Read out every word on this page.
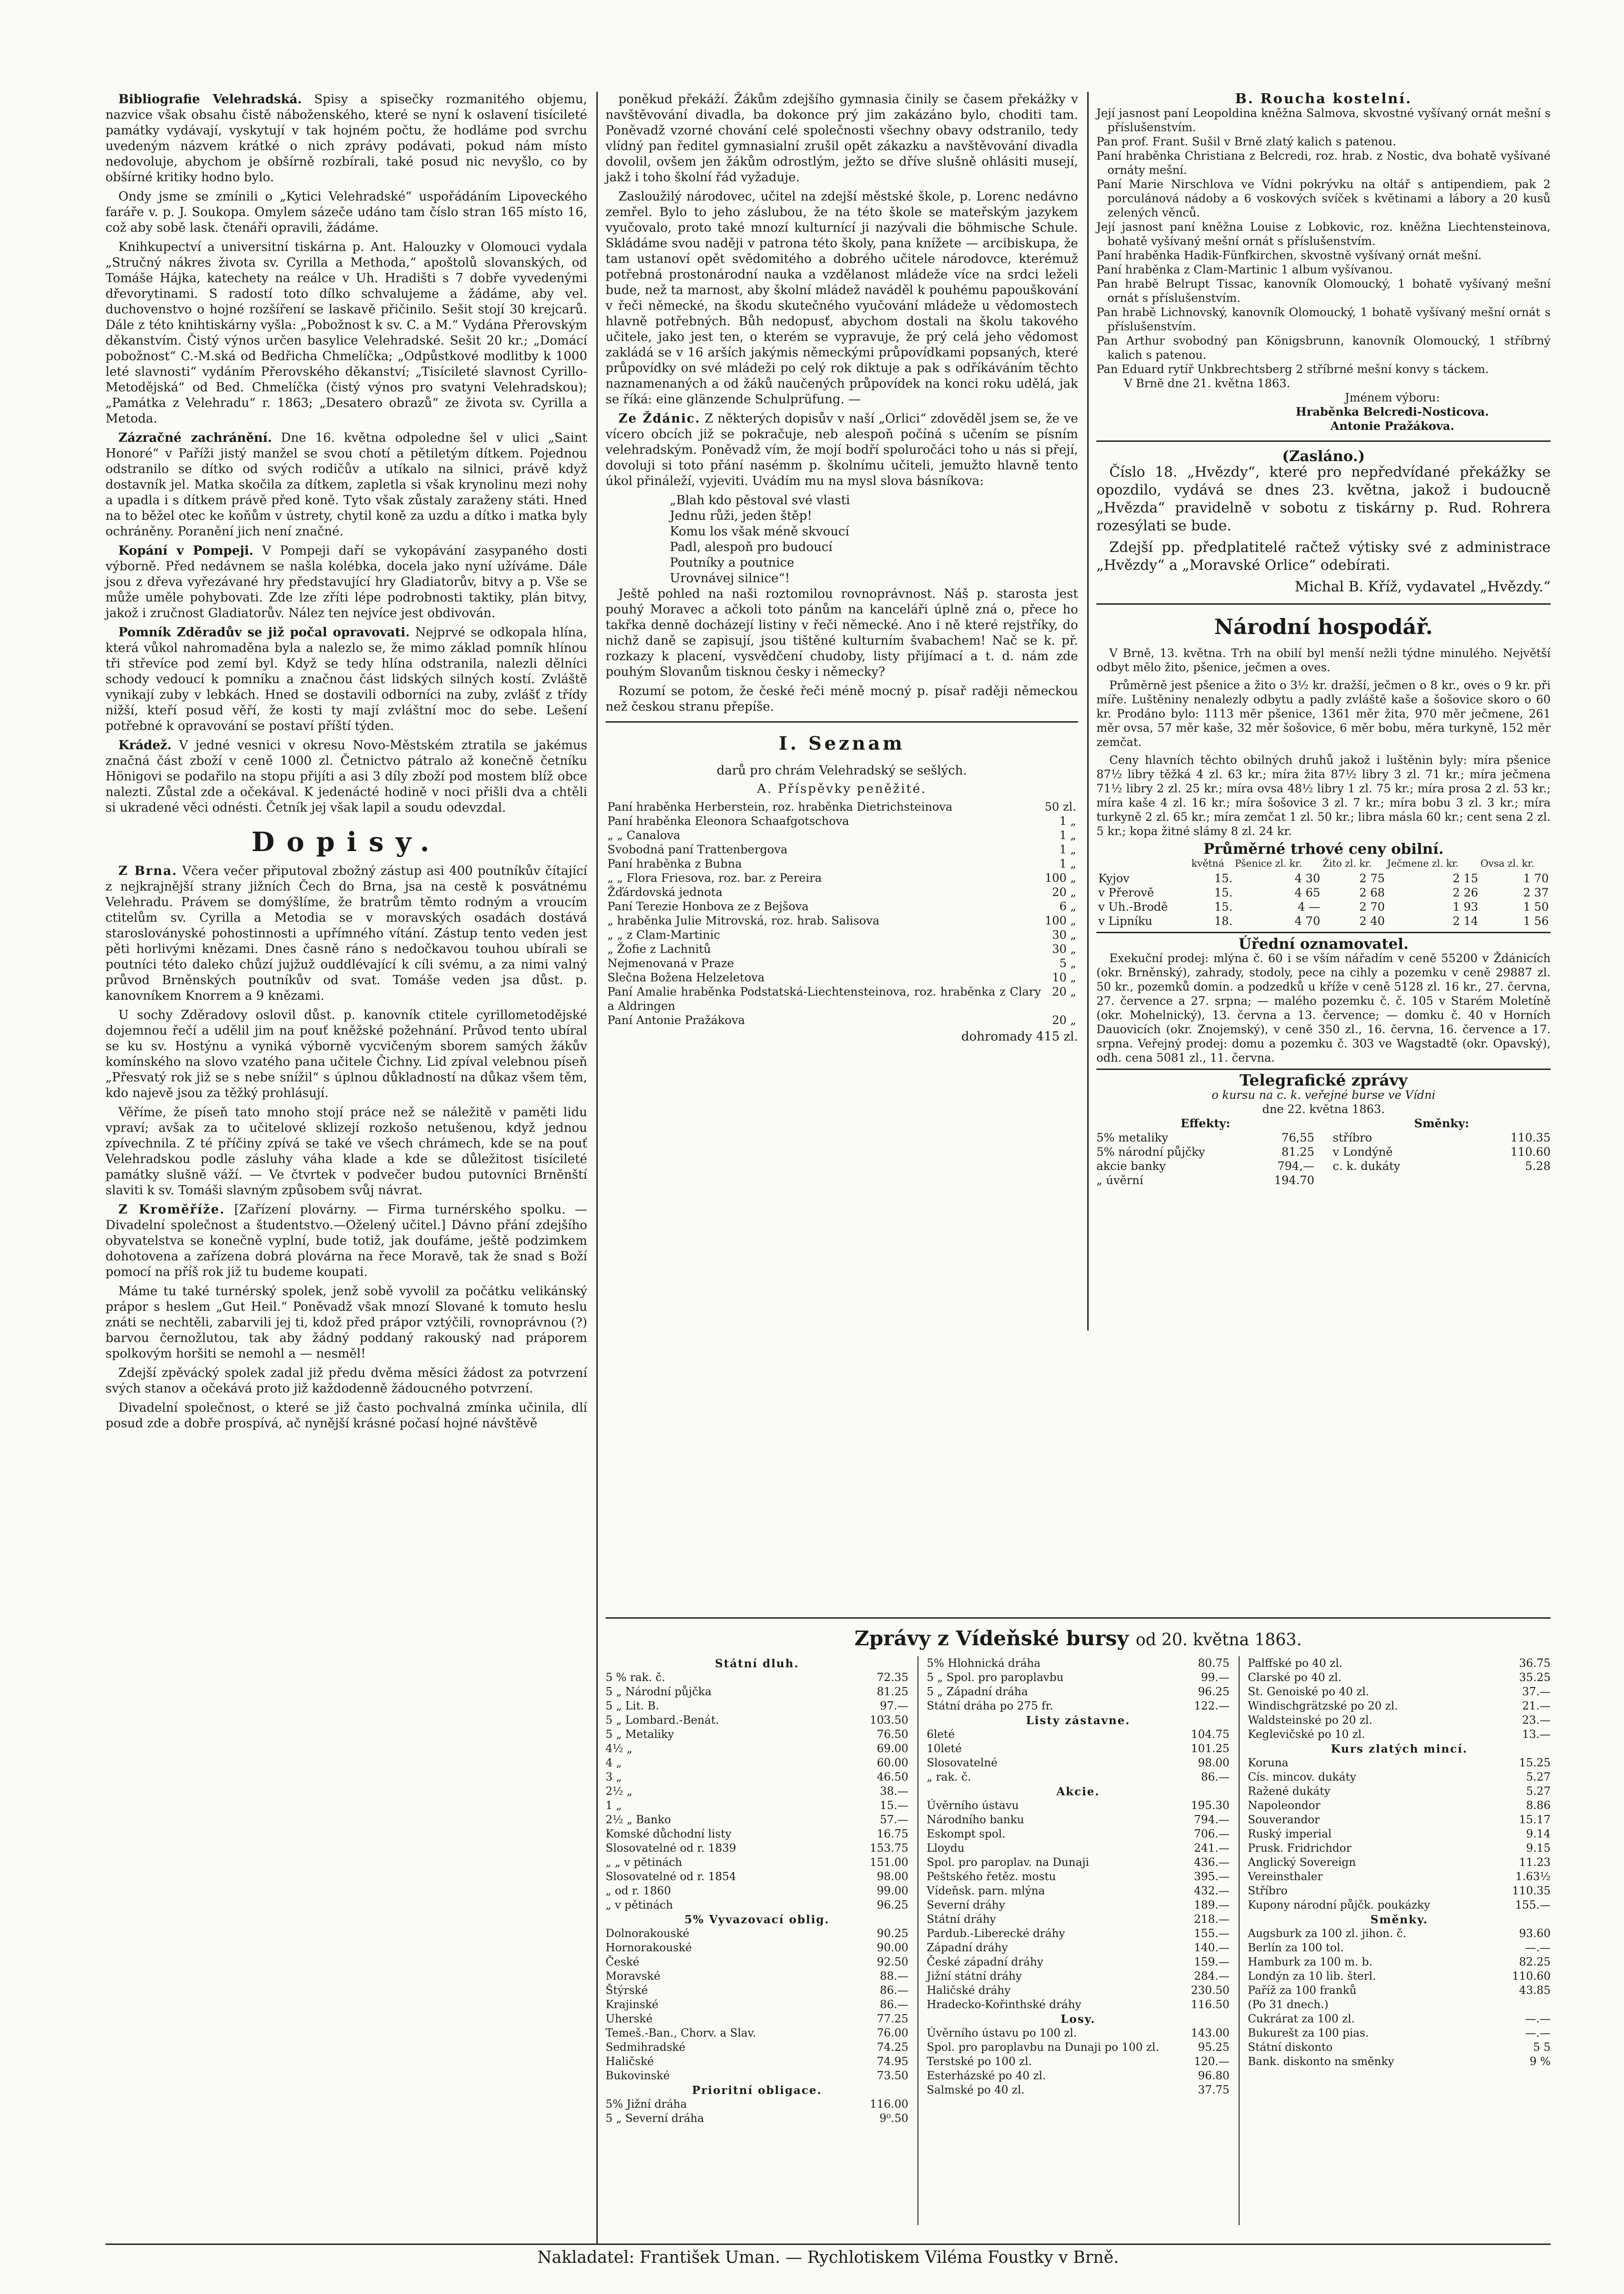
Bibliografie Velehradská. Spisy a spisečky rozmanitého objemu, nazvice však obsahu čistě náboženského, které se nyní k oslavení tisícileté památky vydávají, vyskytují v tak hojném počtu, že hodláme pod svrchu uvedeným názvem krátké o nich zprávy podávati, pokud nám místo nedovoluje, abychom je obšírně rozbírali, také posud nic nevyšlo, co by obšírné kritiky hodno bylo.

Ondy jsme se zmínili o „Kytici Velehradské“ uspořádáním Lipoveckého faráře v. p. J. Soukopa. Omylem sázeče udáno tam číslo stran 165 místo 16, což aby sobě lask. čtenáři opravili, žádáme.

Knihkupectví a universitní tiskárna p. Ant. Halouzky v Olomouci vydala „Stručný nákres života sv. Cyrilla a Methoda,“ apoštolů slovanských, od Tomáše Hájka, katechety na reálce v Uh. Hradišti s 7 dobře vyvedenými dřevorytinami. S radostí toto dílko schvalujeme a žádáme, aby vel. duchovenstvo o hojné rozšíření se laskavě přičinilo. Sešit stojí 30 krejcarů. Dále z této knihtiskárny vyšla: „Pobožnost k sv. C. a M.“ Vydána Přerovským děkanstvím. Čistý výnos určen basylice Velehradské. Sešit 20 kr.; „Domácí pobožnost“ C.-M.ská od Bedřicha Chmelíčka; „Odpůstkové modlitby k 1000 leté slavnosti“ vydáním Přerovského děkanství; „Tisícileté slavnost Cyrillo-Metodějská“ od Bed. Chmelíčka (čistý výnos pro svatyni Velehradskou); „Památka z Velehradu“ r. 1863; „Desatero obrazů“ ze života sv. Cyrilla a Metoda.

Zázračné zachránění. Dne 16. května odpoledne šel v ulici „Saint Honoré“ v Paříži jistý manžel se svou chotí a pětiletým dítkem. Pojednou odstranilo se dítko od svých rodičův a utíkalo na silnici, právě když dostavník jel. Matka skočila za dítkem, zapletla si však krynolinu mezi nohy a upadla i s dítkem právě před koně. Tyto však zůstaly zaraženy státi. Hned na to běžel otec ke koňům v ústrety, chytil koně za uzdu a dítko i matka byly ochráněny. Poranění jich není značné.

Kopání v Pompeji. V Pompeji daří se vykopávání zasypaného dosti výborně. Před nedávnem se našla kolébka, docela jako nyní užíváme. Dále jsou z dřeva vyřezávané hry představující hry Gladiatorův, bitvy a p. Vše se může uměle pohybovati. Zde lze zříti lépe podrobnosti taktiky, plán bitvy, jakož i zručnost Gladiatorův. Nález ten nejvíce jest obdivován.

Pomník Zděradův se již počal opravovati. Nejprvé se odkopala hlína, která vůkol nahromaděna byla a nalezlo se, že mimo základ pomník hlínou tři střevíce pod zemí byl. Když se tedy hlína odstranila, nalezli dělníci schody vedoucí k pomníku a značnou část lidských silných kostí. Zvláště vynikají zuby v lebkách. Hned se dostavili odborníci na zuby, zvlášť z třídy nižší, kteří posud věří, že kosti ty mají zvláštní moc do sebe. Lešení potřebné k opravování se postaví příští týden.

Krádež. V jedné vesnici v okresu Novo-Městském ztratila se jakémus značná část zboží v ceně 1000 zl. Četnictvo pátralo až konečně četníku Hönigovi se podařilo na stopu přijíti a asi 3 díly zboží pod mostem blíž obce nalezti. Zůstal zde a očekával. K jedenácté hodině v noci přišli dva a chtěli si ukradené věci odnésti. Četník jej však lapil a soudu odevzdal.

Dopisy.

Z Brna. Včera večer připutoval zbožný zástup asi 400 poutníkův čítající z nejkrajnější strany jižních Čech do Brna, jsa na cestě k posvátnému Velehradu. Právem se domýšlíme, že bratrům těmto rodným a vroucím ctitelům sv. Cyrilla a Metodia se v moravských osadách dostává starosloványské pohostinnosti a upřímného vítání. Zástup tento veden jest pěti horlivými knězami. Dnes časně ráno s nedočkavou touhou ubírali se poutníci této daleko chůzí jujžuž ouddlévající k cíli svému, a za nimi valný průvod Brněnských poutníkův od svat. Tomáše veden jsa důst. p. kanovníkem Knorrem a 9 knězami.

U sochy Zděradovy oslovil důst. p. kanovník ctitele cyrillometodějské dojemnou řečí a udělil jim na pouť kněžské požehnání. Průvod tento ubíral se ku sv. Hostýnu a vyniká výborně vycvičeným sborem samých žákův komínského na slovo vzatého pana učitele Čichny. Lid zpíval velebnou píseň „Přesvatý rok již se s nebe snížil“ s úplnou důkladností na důkaz všem těm, kdo najevě jsou za těžký prohlásují.

Věříme, že píseň tato mnoho stojí práce než se náležitě v paměti lidu vpraví; avšak za to učitelové sklizejí rozkošo netušenou, když jednou zpívechnila. Z té příčiny zpívá se také ve všech chrámech, kde se na pouť Velehradskou podle zásluhy váha klade a kde se důležitost tisícileté památky slušně váží. — Ve čtvrtek v podvečer budou putovníci Brněnští slaviti k sv. Tomáši slavným způsobem svůj návrat.

Z Kroměříže. [Zařízení plovárny. — Firma turnérského spolku. — Divadelní společnost a študentstvo.—Oželený učitel.] Dávno přání zdejšího obyvatelstva se konečně vyplní, bude totiž, jak doufáme, ještě podzimkem dohotovena a zařízena dobrá plovárna na řece Moravě, tak že snad s Boží pomocí na příš rok již tu budeme koupati.

Máme tu také turnérský spolek, jenž sobě vyvolil za počátku velikánský prápor s heslem „Gut Heil.“ Poněvadž však mnozí Slované k tomuto heslu znáti se nechtěli, zabarvili jej ti, kdož před prápor vztýčili, rovnoprávnou (?) barvou černožlutou, tak aby žádný poddaný rakouský nad práporem spolkovým horšiti se nemohl a — nesměl!

Zdejší zpěvácký spolek zadal již předu dvěma měsíci žádost za potvrzení svých stanov a očekává proto již každodenně žádoucného potvrzení.

Divadelní společnost, o které se již často pochvalná zmínka učinila, dlí posud zde a dobře prospívá, ač nynější krásné počasí hojné návštěvě

poněkud překáží. Žákům zdejšího gymnasia činily se časem překážky v navštěvování divadla, ba dokonce prý jim zakázáno bylo, choditi tam. Poněvadž vzorné chování celé společnosti všechny obavy odstranilo, tedy vlídný pan ředitel gymnasialní zrušil opět zákazku a navštěvování divadla dovolil, ovšem jen žákům odrostlým, ježto se dříve slušně ohlásiti musejí, jakž i toho školní řád vyžaduje.

Zasloužilý národovec, učitel na zdejší městské škole, p. Lorenc nedávno zemřel. Bylo to jeho záslubou, že na této škole se mateřským jazykem vyučovalo, proto také mnozí kulturnící ji nazývali die böhmische Schule. Skládáme svou naději v patrona této školy, pana knížete — arcibiskupa, že tam ustanoví opět svědomitého a dobrého učitele národovce, kterémuž potřebná prostonárodní nauka a vzdělanost mládeže více na srdci leželi bude, než ta marnost, aby školní mládež naváděl k pouhému papouškování v řeči německé, na škodu skutečného vyučování mládeže u vědomostech hlavně potřebných. Bůh nedopusť, abychom dostali na školu takového učitele, jako jest ten, o kterém se vypravuje, že prý celá jeho vědomost zakládá se v 16 arších jakýmis německými průpovídkami popsaných, které průpovídky on své mládeži po celý rok diktuje a pak s odříkáváním těchto naznamenaných a od žáků naučených průpovídek na konci roku udělá, jak se říká: eine glänzende Schulprüfung. —

Ze Ždánic. Z některých dopisův v naší „Orlici“ zdověděl jsem se, že ve vícero obcích již se pokračuje, neb alespoň počíná s učením se písním velehradským. Poněvadž vím, že mojí bodří spoluročáci toho u nás si přejí, dovoluji si toto přání nasémm p. školnímu učiteli, jemužto hlavně tento úkol přináleží, vyjeviti. Uvádím mu na mysl slova básníkova:

„Blah kdo pěstoval své vlasti
Jednu růži, jeden štěp!
Komu los však méně skvoucí
Padl, alespoň pro budoucí
Poutníky a poutnice
Urovnávej silnice“!

Ještě pohled na naši roztomilou rovnoprávnost. Náš p. starosta jest pouhý Moravec a ačkoli toto pánům na kanceláři úplně zná o, přece ho takřka denně docházejí listiny v řeči německé. Ano i ně které rejstříky, do nichž daně se zapisují, jsou tištěné kulturním švabachem! Nač se k. př. rozkazy k placení, vysvědčení chudoby, listy přijímací a t. d. nám zde pouhým Slovanům tisknou česky i německy?

Rozumí se potom, že české řeči méně mocný p. písař raději německou než českou stranu přepíše.

I. Seznam
darů pro chrám Velehradský se sešlých.
A. Příspěvky peněžité.
Paní hraběnka Herberstein, roz. hraběnka Dietrichsteinova	50 zl.
Paní hraběnka Eleonora Schaafgotschova	1 „
„ „ Canalova	1 „
Svobodná paní Trattenbergova	1 „
Paní hraběnka z Bubna	1 „
„ „ Flora Friesova, roz. bar. z Pereira	100 „
Žďárdovská jednota	20 „
Paní Terezie Honbova ze z Bejšova	6 „
„ hraběnka Julie Mitrovská, roz. hrab. Salisova	100 „
„ „ z Clam-Martinic	30 „
„ Žofie z Lachnitů	30 „
Nejmenovaná v Praze	5 „
Slečna Božena Helzeletova	10 „
Paní Amalie hraběnka Podstatská-Liechtensteinova, roz. hraběnka z Clary a Aldringen	20 „
Paní Antonie Pražákova	20 „
dohromady 415 zl.
B. Roucha kostelní.
Její jasnost paní Leopoldina kněžna Salmova, skvostné vyšívaný ornát mešní s příslušenstvím.
Pan prof. Frant. Sušil v Brně zlatý kalich s patenou.
Paní hraběnka Christiana z Belcredi, roz. hrab. z Nostic, dva bohatě vyšívané ornáty mešní.
Paní Marie Nirschlova ve Vídni pokrývku na oltář s antipendiem, pak 2 porculánová nádoby a 6 voskových svíček s květinami a lábory a 20 kusů zelených věnců.
Její jasnost paní kněžna Louise z Lobkovic, roz. kněžna Liechtensteinova, bohatě vyšívaný mešní ornát s příslušenstvím.
Paní hraběnka Hadik-Fünfkirchen, skvostně vyšívaný ornát mešní.
Paní hraběnka z Clam-Martinic 1 album vyšívanou.
Pan hrabě Belrupt Tissac, kanovník Olomoucký, 1 bohatě vyšívaný mešní ornát s příslušenstvím.
Pan hrabě Lichnovský, kanovník Olomoucký, 1 bohatě vyšívaný mešní ornát s příslušenstvím.
Pan Arthur svobodný pan Königsbrunn, kanovník Olomoucký, 1 stříbrný kalich s patenou.
Pan Eduard rytíř Unkbrechtsberg 2 stříbrné mešní konvy s táckem.
V Brně dne 21. května 1863.
Jménem výboru:
Hraběnka Belcredi-Nosticova.
Antonie Pražákova.
(Zasláno.)

Číslo 18. „Hvězdy“, které pro nepředvídané překážky se opozdilo, vydává se dnes 23. května, jakož i budoucně „Hvězda“ pravidelně v sobotu z tiskárny p. Rud. Rohrera rozesýlati se bude.

Zdejší pp. předplatitelé račtež výtisky své z administrace „Hvězdy“ a „Moravské Orlice“ odebírati.

Michal B. Kříž, vydavatel „Hvězdy.“
Národní hospodář.

V Brně, 13. května. Trh na obilí byl menší nežli týdne minulého. Největší odbyt mělo žito, pšenice, ječmen a oves.

Průměrně jest pšenice a žito o 3½ kr. dražší, ječmen o 8 kr., oves o 9 kr. při míře. Luštěniny nenalezly odbytu a padly zvláště kaše a šošovice skoro o 60 kr. Prodáno bylo: 1113 měr pšenice, 1361 měr žita, 970 měr ječmene, 261 měr ovsa, 57 měr kaše, 32 měr šošovice, 6 měr bobu, měra turkyně, 152 měr zemčat.

Ceny hlavních těchto obilných druhů jakož i luštěnin byly: míra pšenice 87½ libry těžká 4 zl. 63 kr.; míra žita 87½ libry 3 zl. 71 kr.; míra ječmena 71½ libry 2 zl. 25 kr.; míra ovsa 48½ libry 1 zl. 75 kr.; míra prosa 2 zl. 53 kr.; míra kaše 4 zl. 16 kr.; míra šošovice 3 zl. 7 kr.; míra bobu 3 zl. 3 kr.; míra turkyně 2 zl. 65 kr.; míra zemčat 1 zl. 50 kr.; libra másla 60 kr.; cent sena 2 zl. 5 kr.; kopa žitné slámy 8 zl. 24 kr.

Průměrné trhové ceny obilní.
	květná	Pšenice zl. kr.	Žito zl. kr.	Ječmene zl. kr.	Ovsa zl. kr.
Kyjov	15.	4 30	2 75	2 15	1 70
v Přerově	15.	4 65	2 68	2 26	2 37
v Uh.-Brodě	15.	4 —	2 70	1 93	1 50
v Lipníku	18.	4 70	2 40	2 14	1 56
Úřední oznamovatel.

Exekuční prodej: mlýna č. 60 i se vším nářadím v ceně 55200 v Ždánicích (okr. Brněnský), zahrady, stodoly, pece na cihly a pozemku v ceně 29887 zl. 50 kr., pozemků domin. a podzedků u kříže v ceně 5128 zl. 16 kr., 27. června, 27. července a 27. srpna; — malého pozemku č. č. 105 v Starém Moletíně (okr. Mohelnický), 13. června a 13. července; — domku č. 40 v Horních Dauovicích (okr. Znojemský), v ceně 350 zl., 16. června, 16. července a 17. srpna. Veřejný prodej: domu a pozemku č. 303 ve Wagstadtě (okr. Opavský), odh. cena 5081 zl., 11. června.

Telegrafické zprávy
o kursu na c. k. veřejné burse ve Vídni
dne 22. května 1863.
Effekty:
5% metaliky	76,55
5% národní půjčky	81.25
akcie banky	794,—
„ úvěrní	194.70
Směnky:
stříbro	110.35
v Londýně	110.60
c. k. dukáty	5.28
Zprávy z Vídeňské bursy od 20. května 1863.
Státní dluh.
5 % rak. č.	72.35
5 „ Národní půjčka	81.25
5 „ Lit. B.	97.—
5 „ Lombard.-Benát.	103.50
5 „ Metaliky	76.50
4½ „	69.00
4 „	60.00
3 „	46.50
2½ „	38.—
1 „	15.—
2½ „ Banko	57.—
Komské důchodní listy	16.75
Slosovatelné od r. 1839	153.75
„ „ v pětinách	151.00
Slosovatelné od r. 1854	98.00
„ od r. 1860	99.00
„ v pětinách	96.25
5% Vyvazovací oblig.
Dolnorakouské	90.25
Hornorakouské	90.00
České	92.50
Moravské	88.—
Štýrské	86.—
Krajinské	86.—
Uherské	77.25
Temeš.-Ban., Chorv. a Slav.	76.00
Sedmihradské	74.25
Haličské	74.95
Bukovinské	73.50
Prioritní obligace.
5% Jižní dráha	116.00
5 „ Severní dráha	9⁰.50
5% Hlohnická dráha	80.75
5 „ Spol. pro paroplavbu	99.—
5 „ Západní dráha	96.25
Státní dráha po 275 fr.	122.—
Listy zástavne.
6leté	104.75
10leté	101.25
Slosovatelné	98.00
„ rak. č.	86.—
Akcie.
Úvěrního ústavu	195.30
Národního banku	794.—
Eskompt spol.	706.—
Lloydu	241.—
Spol. pro paroplav. na Dunaji	436.—
Peštského řetěz. mostu	395.—
Vídeňsk. parn. mlýna	432.—
Severní dráhy	189.—
Státní dráhy	218.—
Pardub.-Liberecké dráhy	155.—
Západní dráhy	140.—
České západní dráhy	159.—
Jižní státní dráhy	284.—
Haličské dráhy	230.50
Hradecko-Kořinthské dráhy	116.50
Losy.
Úvěrního ústavu po 100 zl.	143.00
Spol. pro paroplavbu na Dunaji po 100 zl.	95.25
Terstské po 100 zl.	120.—
Esterházské po 40 zl.	96.80
Salmské po 40 zl.	37.75
Palffské po 40 zl.	36.75
Clarské po 40 zl.	35.25
St. Genoiské po 40 zl.	37.—
Windischgrätzské po 20 zl.	21.—
Waldsteinské po 20 zl.	23.—
Keglevičské po 10 zl.	13.—
Kurs zlatých mincí.
Koruna	15.25
Cís. mincov. dukáty	5.27
Ražené dukáty	5.27
Napoleondor	8.86
Souverandor	15.17
Ruský imperial	9.14
Prusk. Fridrichdor	9.15
Anglický Sovereign	11.23
Vereinsthaler	1.63½
Stříbro	110.35
Kupony národní půjčk. poukázky	155.—
Směnky.
Augsburk za 100 zl. jihon. č.	93.60
Berlín za 100 tol.	—.—
Hamburk za 100 m. b.	82.25
Londýn za 10 lib. šterl.	110.60
Paříž za 100 franků	43.85
(Po 31 dnech.)
Cukrárat za 100 zl.	—.—
Bukurešt za 100 pias.	—.—
Státní diskonto	5 5
Bank. diskonto na směnky	9 %
Nakladatel: František Uman. — Rychlotiskem Viléma Foustky v Brně.
